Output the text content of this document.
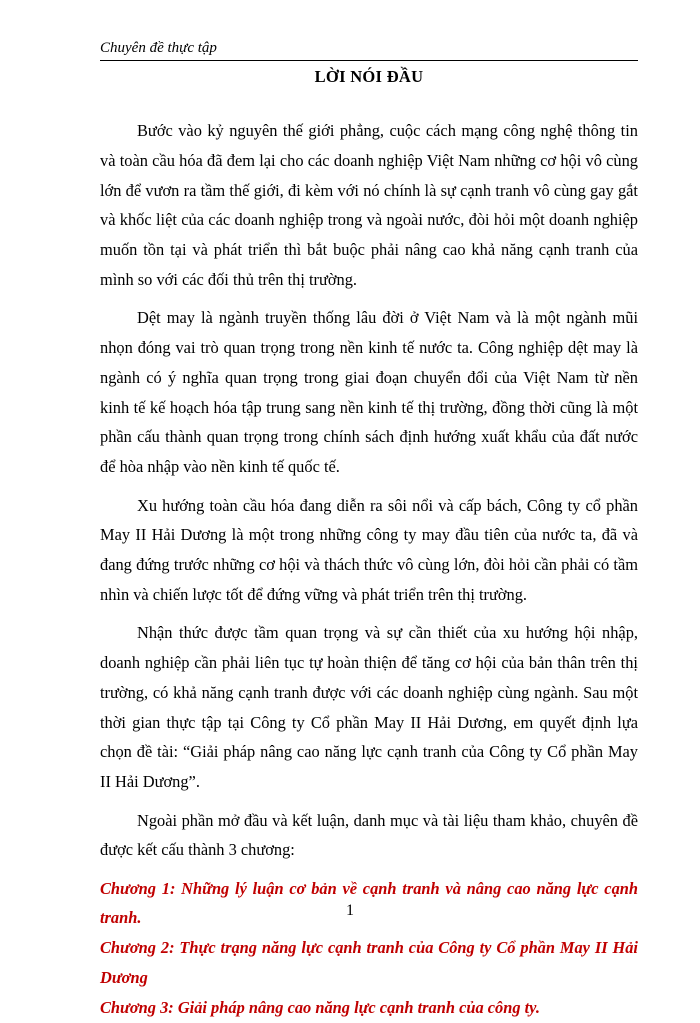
Chuyên đề thực tập
LỜI NÓI ĐẦU

Bước vào kỷ nguyên thế giới phẳng, cuộc cách mạng công nghệ thông tin và toàn cầu hóa đã đem lại cho các doanh nghiệp Việt Nam những cơ hội vô cùng lớn để vươn ra tầm thế giới, đi kèm với nó chính là sự cạnh tranh vô cùng gay gắt và khốc liệt của các doanh nghiệp trong và ngoài nước, đòi hỏi một doanh nghiệp muốn tồn tại và phát triển thì bắt buộc phải nâng cao khả năng cạnh tranh của mình so với các đối thủ trên thị trường.

Dệt may là ngành truyền thống lâu đời ở Việt Nam và là một ngành mũi nhọn đóng vai trò quan trọng trong nền kinh tế nước ta. Công nghiệp dệt may là ngành có ý nghĩa quan trọng trong giai đoạn chuyển đổi của Việt Nam từ nền kinh tế kế hoạch hóa tập trung sang nền kinh tế thị trường, đồng thời cũng là một phần cấu thành quan trọng trong chính sách định hướng xuất khẩu của đất nước để hòa nhập vào nền kinh tế quốc tế.

Xu hướng toàn cầu hóa đang diễn ra sôi nổi và cấp bách, Công ty cổ phần May II Hải Dương là một trong những công ty may đầu tiên của nước ta, đã và đang đứng trước những cơ hội và thách thức vô cùng lớn, đòi hỏi cần phải có tầm nhìn và chiến lược tốt để đứng vững và phát triển trên thị trường.

Nhận thức được tầm quan trọng và sự cần thiết của xu hướng hội nhập, doanh nghiệp cần phải liên tục tự hoàn thiện để tăng cơ hội của bản thân trên thị trường, có khả năng cạnh tranh được với các doanh nghiệp cùng ngành. Sau một thời gian thực tập tại Công ty Cổ phần May II Hải Dương, em quyết định lựa chọn đề tài: “Giải pháp nâng cao năng lực cạnh tranh của Công ty Cổ phần May II Hải Dương”.

Ngoài phần mở đầu và kết luận, danh mục và tài liệu tham khảo, chuyên đề được kết cấu thành 3 chương:

Chương 1: Những lý luận cơ bản về cạnh tranh và nâng cao năng lực cạnh tranh.
Chương 2: Thực trạng năng lực cạnh tranh của Công ty Cổ phần May II Hải Dương
Chương 3: Giải pháp nâng cao năng lực cạnh tranh của công ty.
1
